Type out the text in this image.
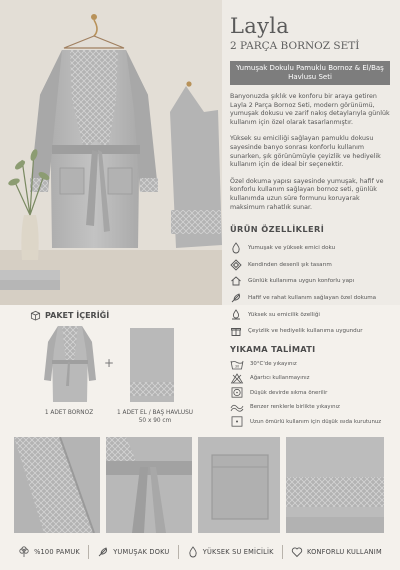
Layla
2 PARÇA BORNOZ SETİ
Yumuşak Dokulu Pamuklu Bornoz & El/Baş Havlusu Seti

Banyonuzda şıklık ve konforu bir araya getiren Layla 2 Parça Bornoz Seti, modern görünümü, yumuşak dokusu ve zarif nakış detaylarıyla günlük kullanım için özel olarak tasarlanmıştır.

Yüksek su emiciliği sağlayan pamuklu dokusu sayesinde banyo sonrası konforlu kullanım sunarken, şık görünümüyle çeyizlik ve hediyelik kullanım için de ideal bir seçenektir.

Özel dokuma yapısı sayesinde yumuşak, hafif ve konforlu kullanım sağlayan bornoz seti, günlük kullanımda uzun süre formunu koruyarak maksimum rahatlık sunar.

ÜRÜN ÖZELLİKLERİ
Yumuşak ve yüksek emici doku
Kendinden desenli şık tasarım
Günlük kullanıma uygun konforlu yapı
Hafif ve rahat kullanım sağlayan özel dokuma
Yüksek su emicilik özelliği
Çeyizlik ve hediyelik kullanıma uygundur
PAKET İÇERİĞİ
+
1 ADET BORNOZ	1 ADET EL / BAŞ HAVLUSU
50 x 90 cm
YIKAMA TALİMATI
30 30°C'de yıkayınız
Ağartıcı kullanmayınız
Düşük devirde sıkma önerilir
Benzer renklerle birlikte yıkayınız
Uzun ömürlü kullanım için düşük ısıda kurutunuz
%100 PAMUK	YUMUŞAK DOKU	YÜKSEK SU EMİCİLİK	KONFORLU KULLANIM
